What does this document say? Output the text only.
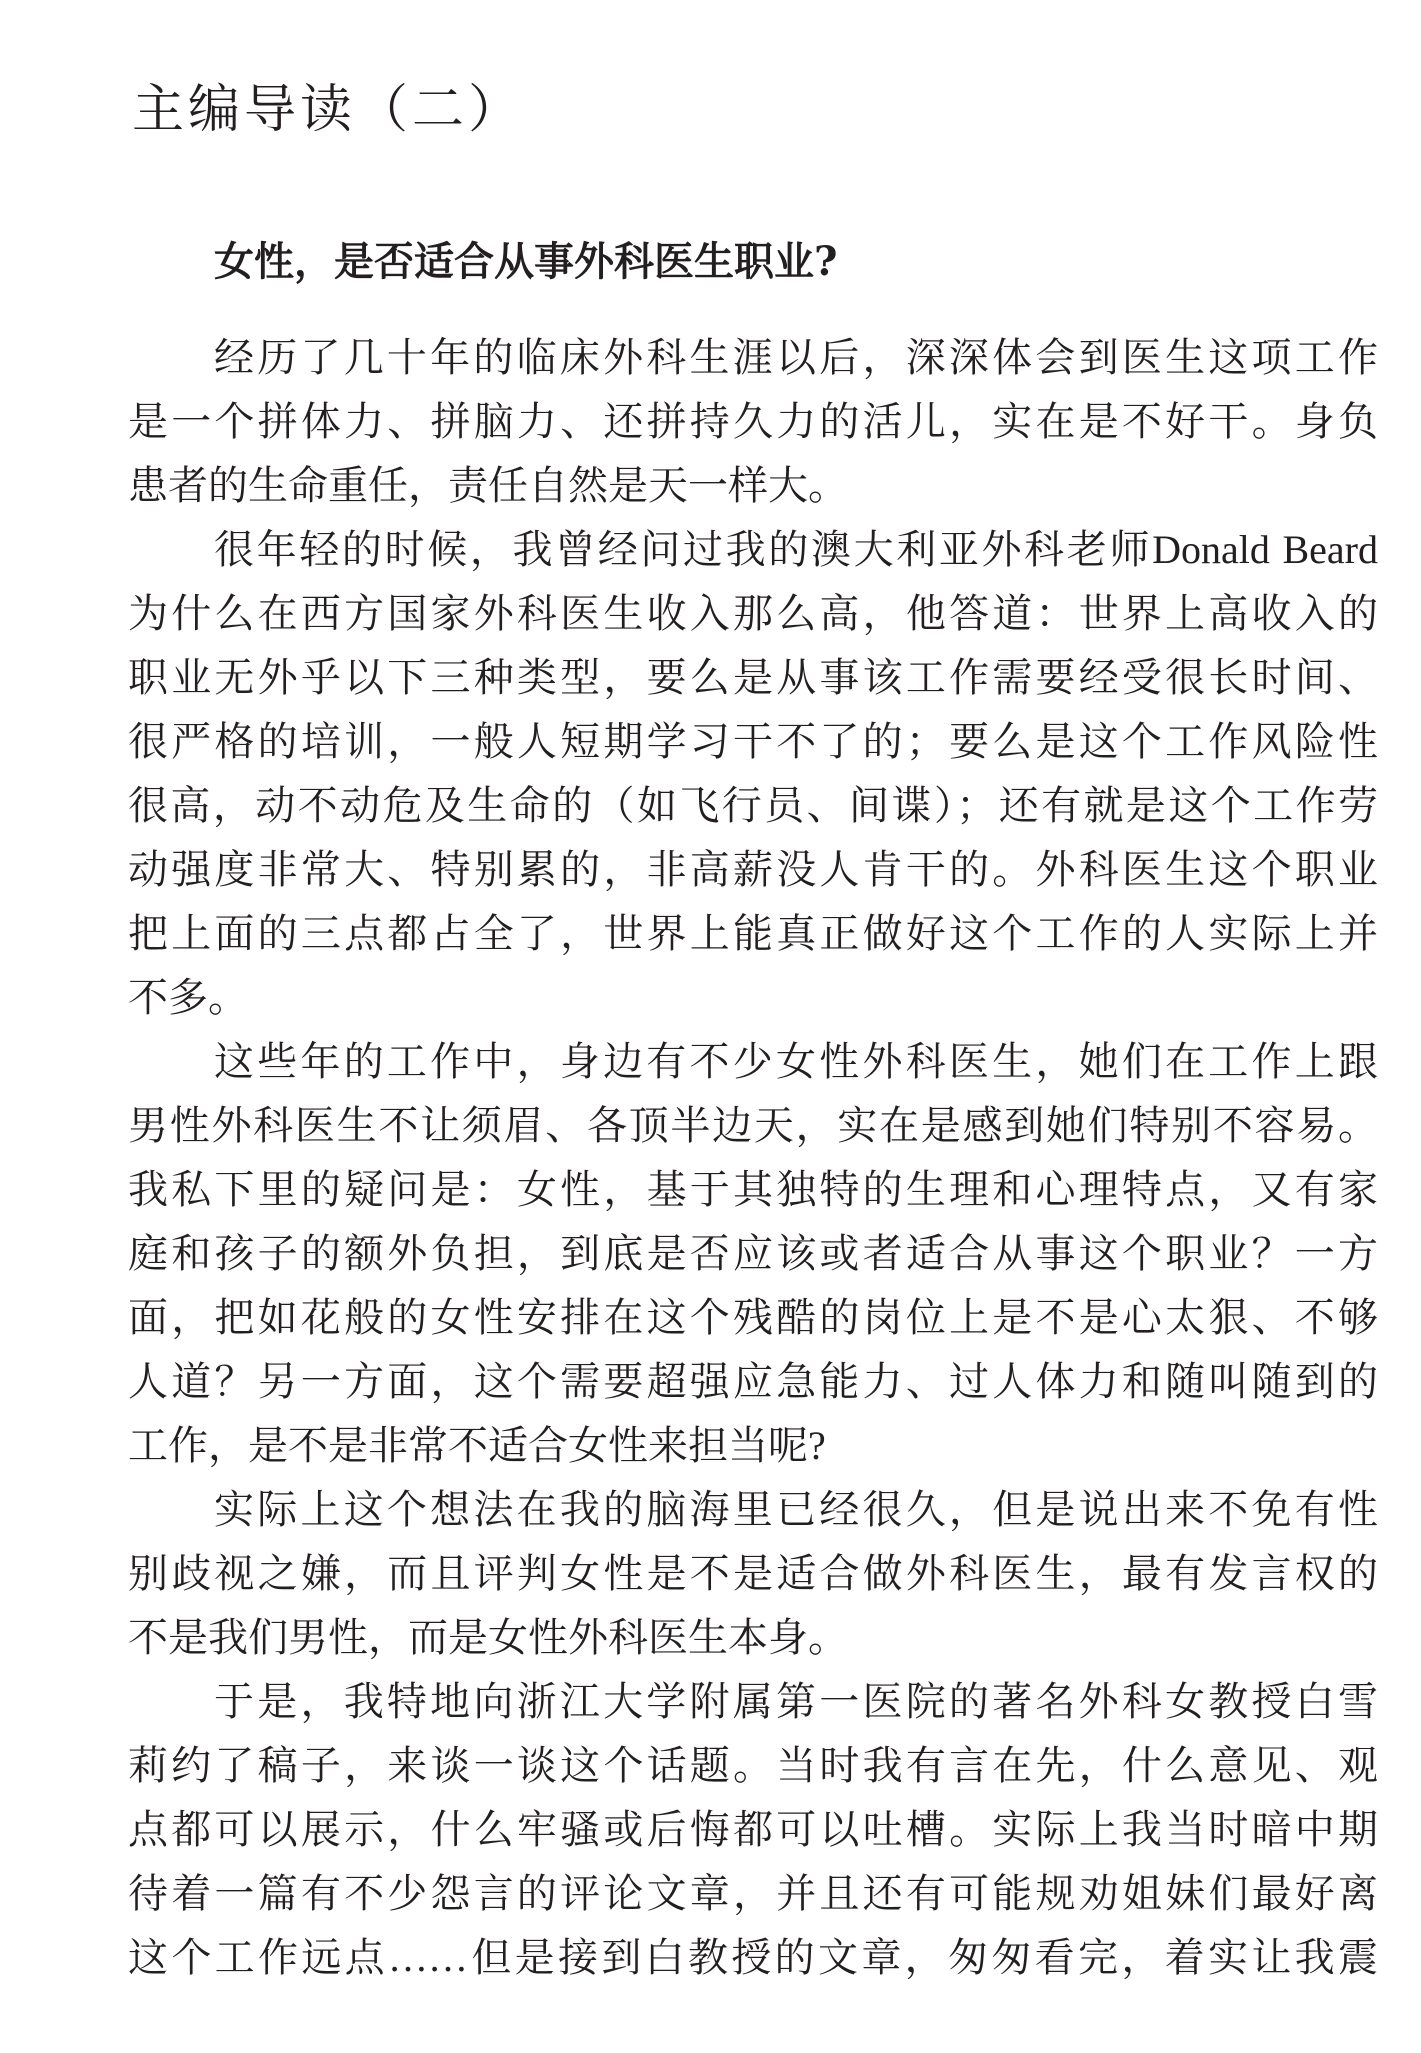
主编导读（二）
女性，是否适合从事外科医生职业?
经历了几十年的临床外科生涯以后，深深体会到医生这项工作
是一个拼体力、拼脑力、还拼持久力的活儿，实在是不好干。身负
患者的生命重任，责任自然是天一样大。
很年轻的时候，我曾经问过我的澳大利亚外科老师Donald Beard
为什么在西方国家外科医生收入那么高，他答道：世界上高收入的
职业无外乎以下三种类型，要么是从事该工作需要经受很长时间、
很严格的培训，一般人短期学习干不了的；要么是这个工作风险性
很高，动不动危及生命的（如飞行员、间谍）；还有就是这个工作劳
动强度非常大、特别累的，非高薪没人肯干的。外科医生这个职业
把上面的三点都占全了，世界上能真正做好这个工作的人实际上并
不多。
这些年的工作中，身边有不少女性外科医生，她们在工作上跟
男性外科医生不让须眉、各顶半边天，实在是感到她们特别不容易。
我私下里的疑问是：女性，基于其独特的生理和心理特点，又有家
庭和孩子的额外负担，到底是否应该或者适合从事这个职业？一方
面，把如花般的女性安排在这个残酷的岗位上是不是心太狠、不够
人道？另一方面，这个需要超强应急能力、过人体力和随叫随到的
工作，是不是非常不适合女性来担当呢?
实际上这个想法在我的脑海里已经很久，但是说出来不免有性
别歧视之嫌，而且评判女性是不是适合做外科医生，最有发言权的
不是我们男性，而是女性外科医生本身。
于是，我特地向浙江大学附属第一医院的著名外科女教授白雪
莉约了稿子，来谈一谈这个话题。当时我有言在先，什么意见、观
点都可以展示，什么牢骚或后悔都可以吐槽。实际上我当时暗中期
待着一篇有不少怨言的评论文章，并且还有可能规劝姐妹们最好离
这个工作远点……但是接到白教授的文章，匆匆看完，着实让我震
